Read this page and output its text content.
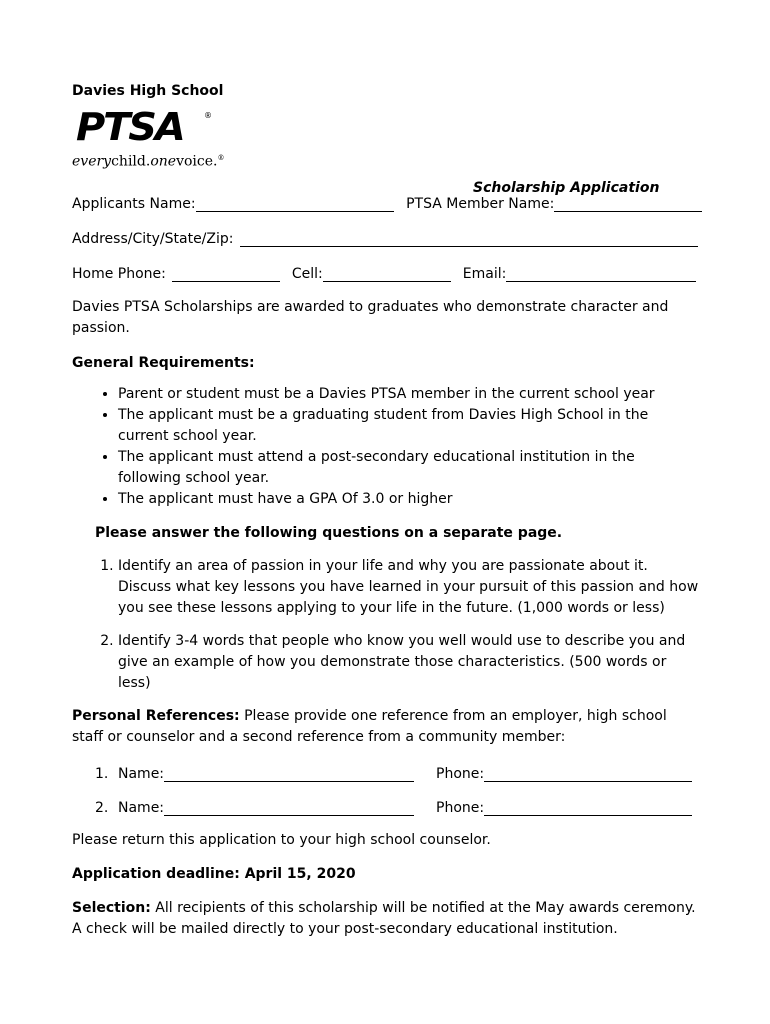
Davies High School
PTSA	®
everychild.onevoice.®
Scholarship Application
Applicants Name:	PTSA Member Name:
Address/City/State/Zip:
Home Phone:	Cell:	Email:

Davies PTSA Scholarships are awarded to graduates who demonstrate character and passion.

General Requirements:

• Parent or student must be a Davies PTSA member in the current school year
• The applicant must be a graduating student from Davies High School in the current school year.
• The applicant must attend a post-secondary educational institution in the following school year.
• The applicant must have a GPA Of 3.0 or higher

Please answer the following questions on a separate page.

1. Identify an area of passion in your life and why you are passionate about it. Discuss what key lessons you have learned in your pursuit of this passion and how you see these lessons applying to your life in the future. (1,000 words or less)
2. Identify 3-4 words that people who know you well would use to describe you and give an example of how you demonstrate those characteristics. (500 words or less)

Personal References: Please provide one reference from an employer, high school staff or counselor and a second reference from a community member:

1. Name:	Phone:
2. Name:	Phone:

Please return this application to your high school counselor.

Application deadline: April 15, 2020

Selection: All recipients of this scholarship will be notified at the May awards ceremony. A check will be mailed directly to your post-secondary educational institution.
